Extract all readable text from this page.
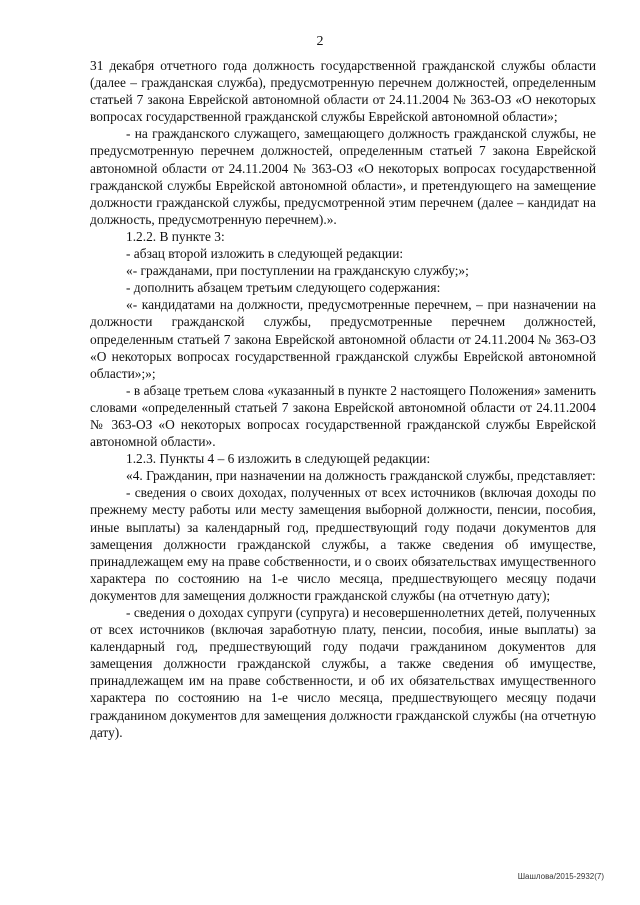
2

31 декабря отчетного года должность государственной гражданской службы области (далее – гражданская служба), предусмотренную перечнем должностей, определенным статьей 7 закона Еврейской автономной области от 24.11.2004 № 363-ОЗ «О некоторых вопросах государственной гражданской службы Еврейской автономной области»;

- на гражданского служащего, замещающего должность гражданской службы, не предусмотренную перечнем должностей, определенным статьей 7 закона Еврейской автономной области от 24.11.2004 № 363-ОЗ «О некоторых вопросах государственной гражданской службы Еврейской автономной области», и претендующего на замещение должности гражданской службы, предусмотренной этим перечнем (далее – кандидат на должность, предусмотренную перечнем).».

1.2.2. В пункте 3:

- абзац второй изложить в следующей редакции:

«- гражданами, при поступлении на гражданскую службу;»;

- дополнить абзацем третьим следующего содержания:

«- кандидатами на должности, предусмотренные перечнем, – при назначении на должности гражданской службы, предусмотренные перечнем должностей, определенным статьей 7 закона Еврейской автономной области от 24.11.2004 № 363-ОЗ «О некоторых вопросах государственной гражданской службы Еврейской автономной области»;»;

- в абзаце третьем слова «указанный в пункте 2 настоящего Положения» заменить словами «определенный статьей 7 закона Еврейской автономной области от 24.11.2004 № 363-ОЗ «О некоторых вопросах государственной гражданской службы Еврейской автономной области».

1.2.3. Пункты 4 – 6 изложить в следующей редакции:

«4. Гражданин, при назначении на должность гражданской службы, представляет:

- сведения о своих доходах, полученных от всех источников (включая доходы по прежнему месту работы или месту замещения выборной должности, пенсии, пособия, иные выплаты) за календарный год, предшествующий году подачи документов для замещения должности гражданской службы, а также сведения об имуществе, принадлежащем ему на праве собственности, и о своих обязательствах имущественного характера по состоянию на 1-е число месяца, предшествующего месяцу подачи документов для замещения должности гражданской службы (на отчетную дату);

- сведения о доходах супруги (супруга) и несовершеннолетних детей, полученных от всех источников (включая заработную плату, пенсии, пособия, иные выплаты) за календарный год, предшествующий году подачи гражданином документов для замещения должности гражданской службы, а также сведения об имуществе, принадлежащем им на праве собственности, и об их обязательствах имущественного характера по состоянию на 1-е число месяца, предшествующего месяцу подачи гражданином документов для замещения должности гражданской службы (на отчетную дату).

Шашлова/2015-2932(7)
